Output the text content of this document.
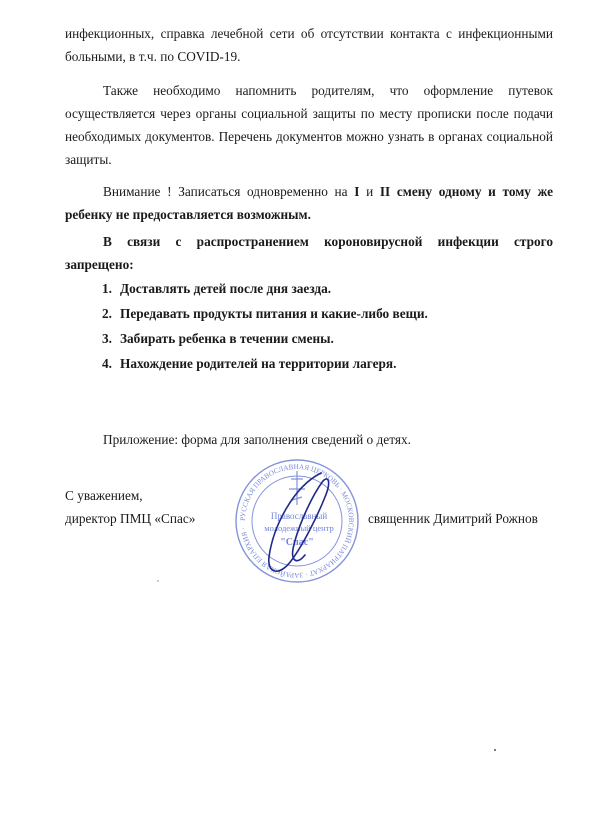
инфекционных, справка лечебной сети об отсутствии контакта с инфекционными больными, в т.ч. по COVID-19.

Также необходимо напомнить родителям, что оформление путевок осуществляется через органы социальной защиты по месту прописки после подачи необходимых документов. Перечень документов можно узнать в органах социальной защиты.

Внимание ! Записаться одновременно на I и II смену одному и тому же ребенку не предоставляется возможным.

В связи с распространением короновирусной инфекции строго запрещено:

1. Доставлять детей после дня заезда.
2. Передавать продукты питания и какие-либо вещи.
3. Забирать ребенка в течении смены.
4. Нахождение родителей на территории лагеря.

Приложение: форма для заполнения сведений о детях.

С уважением,
директор ПМЦ «Спас»	священник Димитрий Рожнов
РУССКАЯ ПРАВОСЛАВНАЯ ЦЕРКОВЬ · МОСКОВСКИЙ ПАТРИАРХАТ · ЗАРАЙСКАЯ ЕПАРХИЯ ·
Православный
молодежный центр
"Спас"
